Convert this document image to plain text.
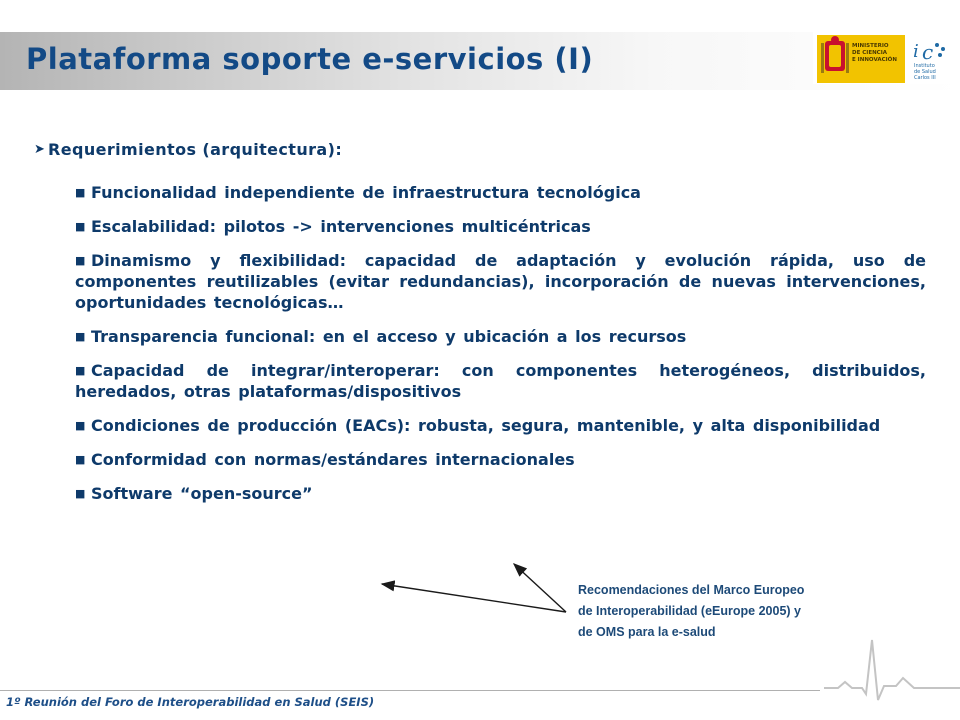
Plataforma soporte e-servicios (I)	MINISTERIO
DE CIENCIA
E INNOVACIÓN i c
Instituto
de Salud
Carlos III
➤ Requerimientos (arquitectura):
■ Funcionalidad independiente de infraestructura tecnológica
■ Escalabilidad: pilotos -> intervenciones multicéntricas
■ Dinamismo y flexibilidad: capacidad de adaptación y evolución rápida, uso de componentes reutilizables (evitar redundancias), incorporación de nuevas intervenciones, oportunidades tecnológicas…
■ Transparencia funcional: en el acceso y ubicación a los recursos
■ Capacidad de integrar/interoperar: con componentes heterogéneos, distribuidos, heredados, otras plataformas/dispositivos
■ Condiciones de producción (EACs): robusta, segura, mantenible, y alta disponibilidad
■ Conformidad con normas/estándares internacionales
■ Software “open-source”
Recomendaciones del Marco Europeo
de Interoperabilidad (eEurope 2005) y
de OMS para la e-salud
1º Reunión del Foro de Interoperabilidad en Salud (SEIS)
